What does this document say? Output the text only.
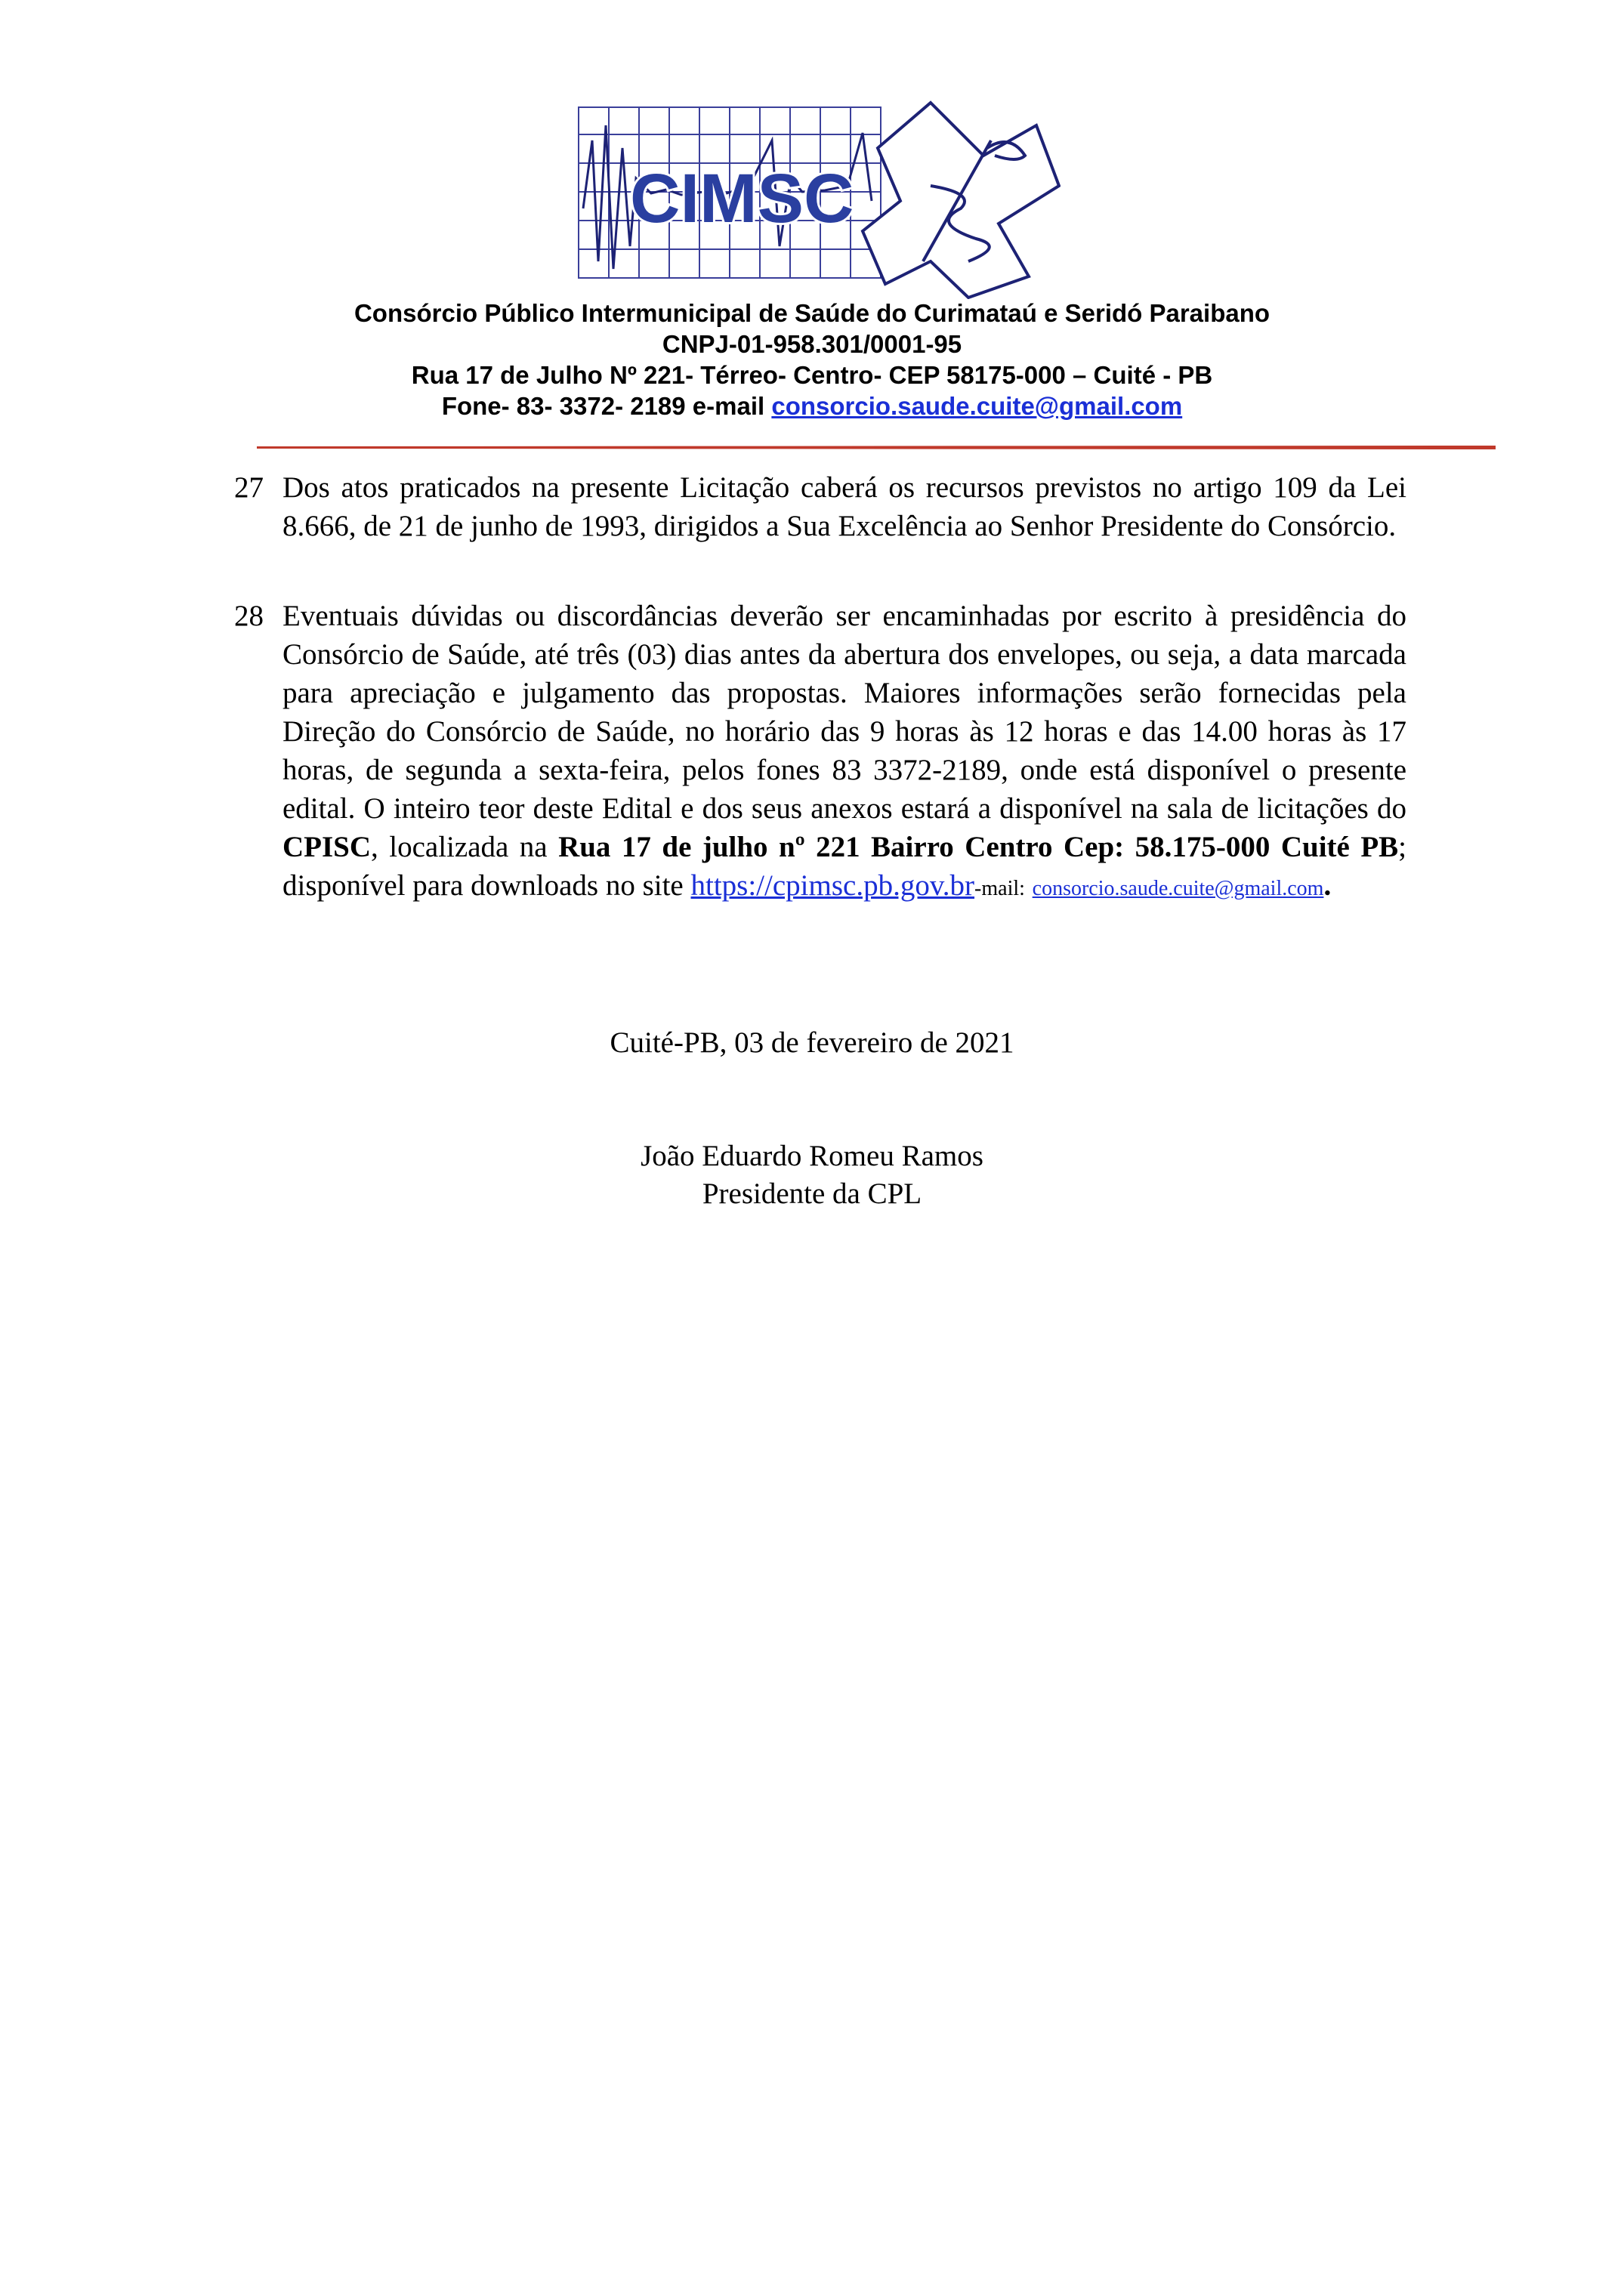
CIMSC
Consórcio Público Intermunicipal de Saúde do Curimataú e Seridó Paraibano
CNPJ-01-958.301/0001-95
Rua 17 de Julho Nº 221- Térreo- Centro- CEP 58175-000 – Cuité - PB
Fone- 83- 3372- 2189 e-mail consorcio.saude.cuite@gmail.com
27 Dos atos praticados na presente Licitação caberá os recursos previstos no artigo 109 da Lei 8.666, de 21 de junho de 1993, dirigidos a Sua Excelência ao Senhor Presidente do Consórcio.
28 Eventuais dúvidas ou discordâncias deverão ser encaminhadas por escrito à presidência do Consórcio de Saúde, até três (03) dias antes da abertura dos envelopes, ou seja, a data marcada para apreciação e julgamento das propostas. Maiores informações serão fornecidas pela Direção do Consórcio de Saúde, no horário das 9 horas às 12 horas e das 14.00 horas às 17 horas, de segunda a sexta-feira, pelos fones 83 3372-2189, onde está disponível o presente edital. O inteiro teor deste Edital e dos seus anexos estará a disponível na sala de licitações do CPISC, localizada na Rua 17 de julho nº 221 Bairro Centro Cep: 58.175-000 Cuité PB; disponível para downloads no site https://cpimsc.pb.gov.br-mail: consorcio.saude.cuite@gmail.com.
Cuité-PB, 03 de fevereiro de 2021
João Eduardo Romeu Ramos
Presidente da CPL
